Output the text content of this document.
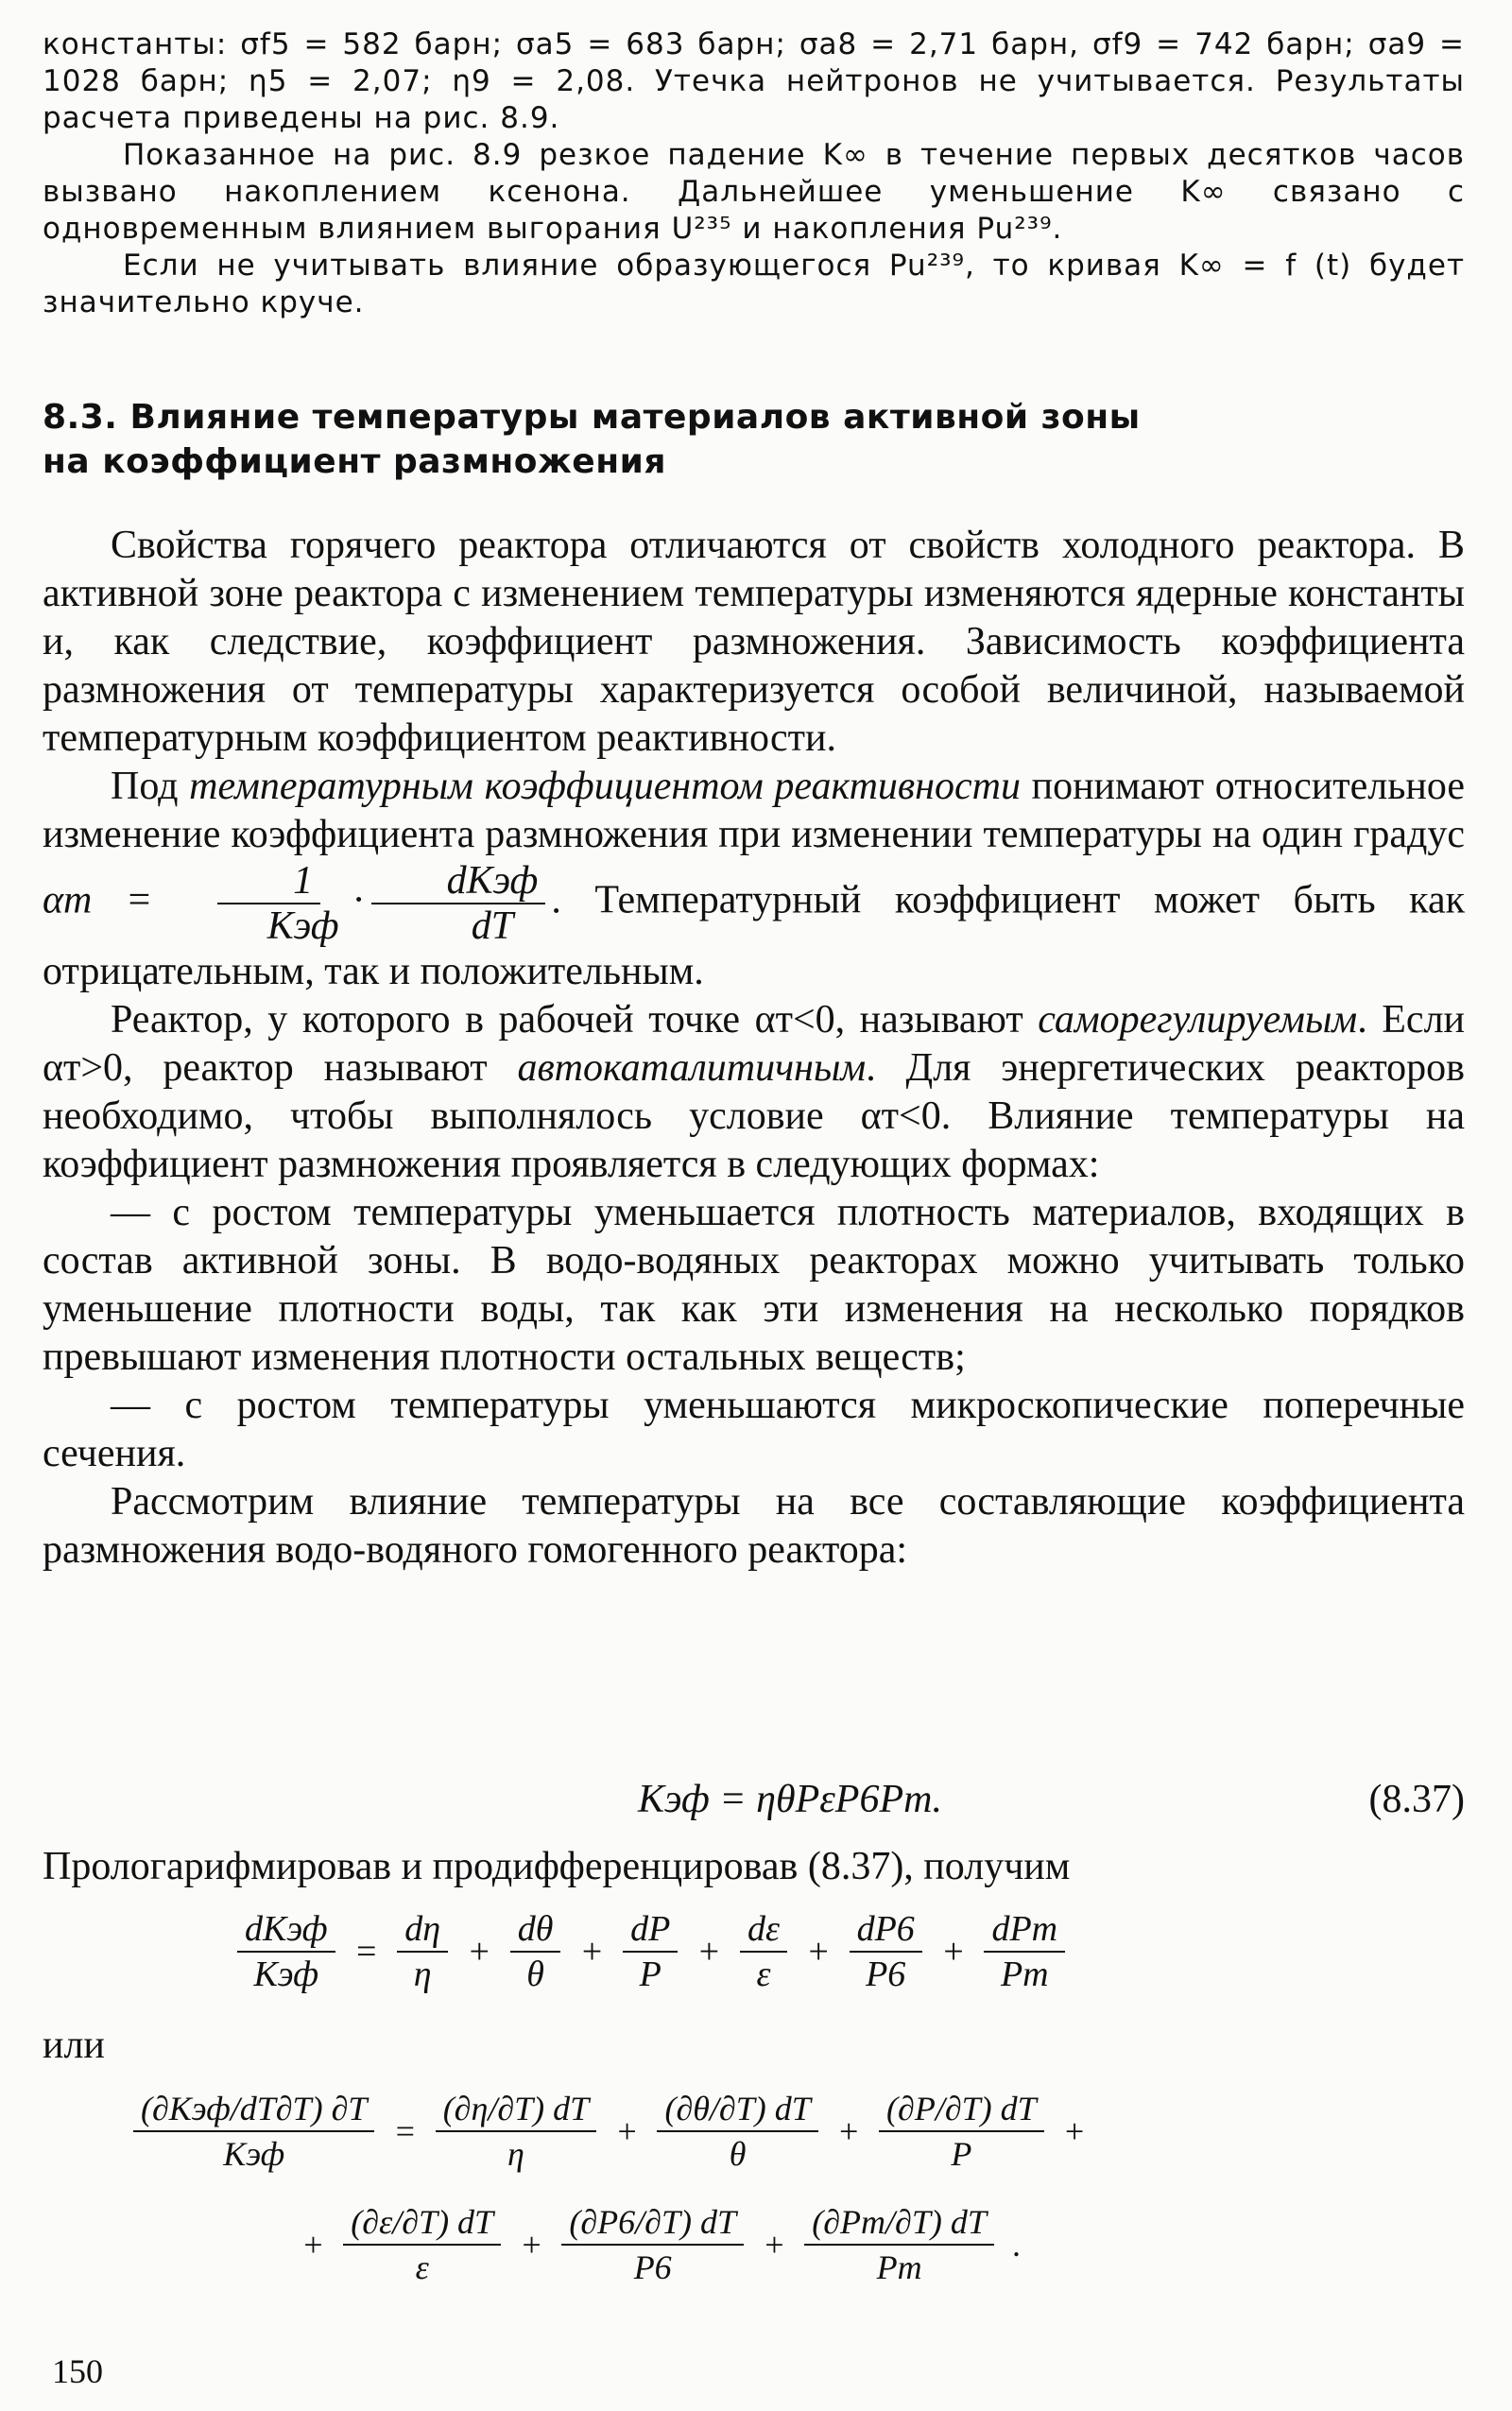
константы: σf5 = 582 барн; σa5 = 683 барн; σa8 = 2,71 барн, σf9 = 742 барн; σa9 = 1028 барн; η5 = 2,07; η9 = 2,08. Утечка нейтронов не учитывается. Результаты расчета приведены на рис. 8.9.

Показанное на рис. 8.9 резкое падение K∞ в течение первых десятков часов вызвано накоплением ксенона. Дальнейшее уменьшение K∞ связано с одновременным влиянием выгорания U²³⁵ и накопления Pu²³⁹.

Если не учитывать влияние образующегося Pu²³⁹, то кривая K∞ = f (t) будет значительно круче.

8.3. Влияние температуры материалов активной зоны
на коэффициент размножения

Свойства горячего реактора отличаются от свойств холодного реактора. В активной зоне реактора с изменением температуры изменяются ядерные константы и, как следствие, коэффициент размножения. Зависимость коэффициента размножения от температуры характеризуется особой величиной, называемой температурным коэффициентом реактивности.

Под температурным коэффициентом реактивности понимают относительное изменение коэффициента размножения при изменении температуры на один градус $\alpha т = \frac{1}{\text{Kэф}} \cdot \frac{\text{dKэф}}{dT}$ . Температурный коэффициент может быть как отрицательным, так и положительным.

Реактор, у которого в рабочей точке αт<0, называют саморегулируемым. Если αт>0, реактор называют автокаталитичным. Для энергетических реакторов необходимо, чтобы выполнялось условие αт<0. Влияние температуры на коэффициент размножения проявляется в следующих формах:

— с ростом температуры уменьшается плотность материалов, входящих в состав активной зоны. В водо-водяных реакторах можно учитывать только уменьшение плотности воды, так как эти изменения на несколько порядков превышают изменения плотности остальных веществ;

— с ростом температуры уменьшаются микроскопические поперечные сечения.

Рассмотрим влияние температуры на все составляющие коэффициента размножения водо-водяного гомогенного реактора:

Kэф = ηθPεP6Pm.	(8.37)
Прологарифмировав и продифференцировав (8.37), получим
$\frac{\text{dKэф}}{\text{Kэф}} = \frac{d\eta}{\eta} + \frac{d\theta}{\theta} + \frac{dP}{P} + \frac{d\varepsilon}{\varepsilon} + \frac{dP6}{P6} + \frac{\text{dPm}}{Pm}$
или
$\frac{\text{(∂Kэф/dT∂T) ∂T}}{\text{Kэф}} = \frac{(\partial\eta/\partial T) dT}{\eta} + \frac{(\partial\theta/\partial T) dT}{\theta} + \frac{(\partial P/\partial T) dT}{P}$ +
+ $\frac{(\partial\varepsilon/\partial T) dT}{\varepsilon} + \frac{(\partial P6/\partial T) dT}{P6} + \frac{(\partial Pm/\partial T) dT}{Pm}$ .
150
